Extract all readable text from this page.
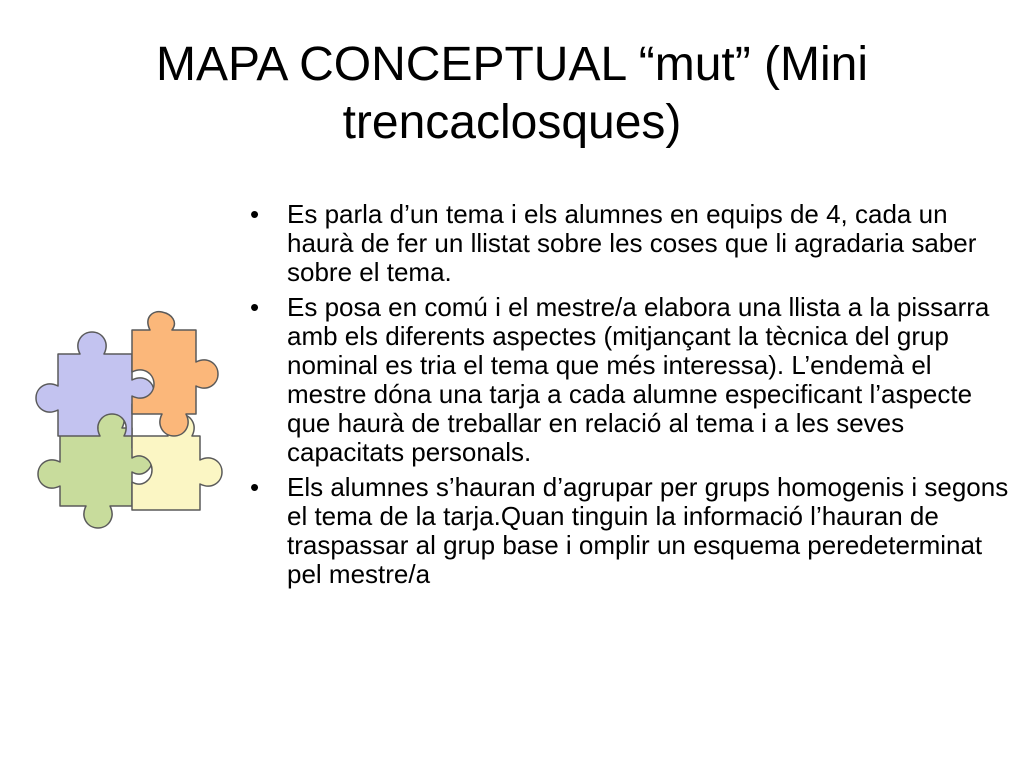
MAPA CONCEPTUAL “mut” (Mini trencaclosques)
• Es parla d’un tema i els alumnes en equips de 4, cada un haurà de fer un llistat sobre les coses que li agradaria saber sobre el tema.
• Es posa en comú i el mestre/a elabora una llista a la pissarra amb els diferents aspectes (mitjançant la tècnica del grup nominal es tria el tema que més interessa). L’endemà el mestre dóna una tarja a cada alumne especificant l’aspecte que haurà de treballar en relació al tema i a les seves capacitats personals.
• Els alumnes s’hauran d’agrupar per grups homogenis i segons el tema de la tarja.Quan tinguin la informació l’hauran de traspassar al grup base i omplir un esquema peredeterminat pel mestre/a
